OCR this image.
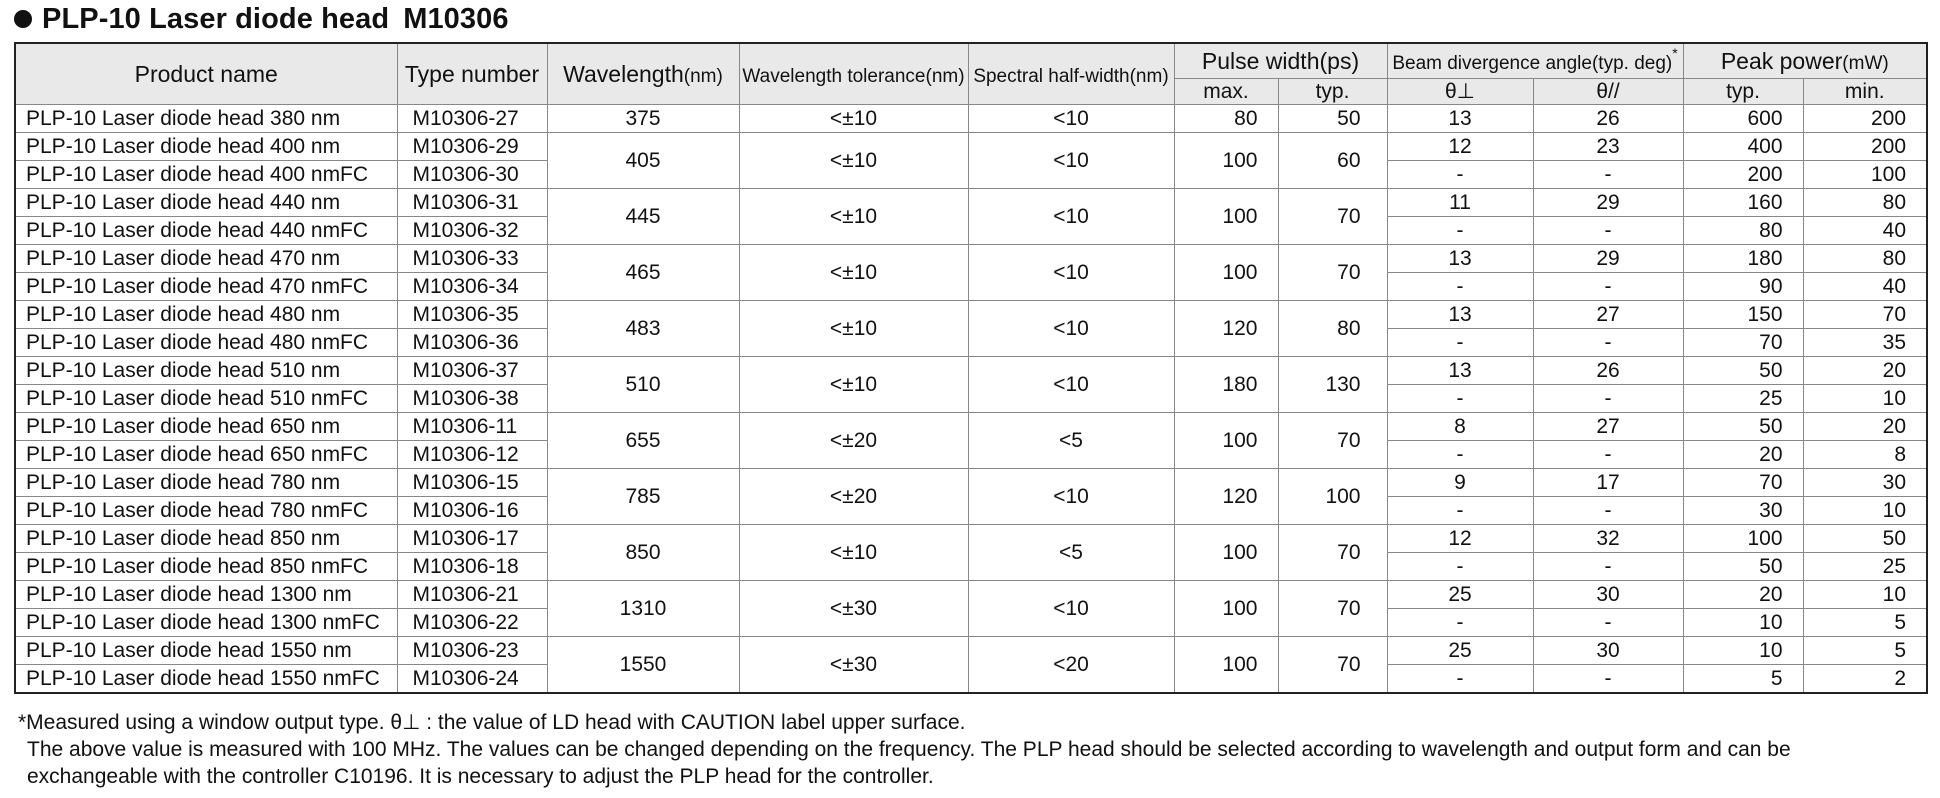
PLP-10 Laser diode head M10306
Product name	Type number	Wavelength(nm)	Wavelength tolerance(nm)	Spectral half-width(nm)	Pulse width(ps)		Beam divergence angle(typ. deg)*		Peak power(mW)	
					max.	typ.	θ⊥	θ//	typ.	min.
PLP-10 Laser diode head 380 nm	M10306-27	375	<±10	<10	80	50	13	26	600	200
PLP-10 Laser diode head 400 nm	M10306-29	405	<±10	<10	100	60	12	23	400	200
PLP-10 Laser diode head 400 nmFC	M10306-30						-	-	200	100
PLP-10 Laser diode head 440 nm	M10306-31	445	<±10	<10	100	70	11	29	160	80
PLP-10 Laser diode head 440 nmFC	M10306-32						-	-	80	40
PLP-10 Laser diode head 470 nm	M10306-33	465	<±10	<10	100	70	13	29	180	80
PLP-10 Laser diode head 470 nmFC	M10306-34						-	-	90	40
PLP-10 Laser diode head 480 nm	M10306-35	483	<±10	<10	120	80	13	27	150	70
PLP-10 Laser diode head 480 nmFC	M10306-36						-	-	70	35
PLP-10 Laser diode head 510 nm	M10306-37	510	<±10	<10	180	130	13	26	50	20
PLP-10 Laser diode head 510 nmFC	M10306-38						-	-	25	10
PLP-10 Laser diode head 650 nm	M10306-11	655	<±20	<5	100	70	8	27	50	20
PLP-10 Laser diode head 650 nmFC	M10306-12						-	-	20	8
PLP-10 Laser diode head 780 nm	M10306-15	785	<±20	<10	120	100	9	17	70	30
PLP-10 Laser diode head 780 nmFC	M10306-16						-	-	30	10
PLP-10 Laser diode head 850 nm	M10306-17	850	<±10	<5	100	70	12	32	100	50
PLP-10 Laser diode head 850 nmFC	M10306-18						-	-	50	25
PLP-10 Laser diode head 1300 nm	M10306-21	1310	<±30	<10	100	70	25	30	20	10
PLP-10 Laser diode head 1300 nmFC	M10306-22						-	-	10	5
PLP-10 Laser diode head 1550 nm	M10306-23	1550	<±30	<20	100	70	25	30	10	5
PLP-10 Laser diode head 1550 nmFC	M10306-24						-	-	5	2

*Measured using a window output type. θ⊥ : the value of LD head with CAUTION label upper surface.

The above value is measured with 100 MHz. The values can be changed depending on the frequency. The PLP head should be selected according to wavelength and output form and can be exchangeable with the controller C10196. It is necessary to adjust the PLP head for the controller.
